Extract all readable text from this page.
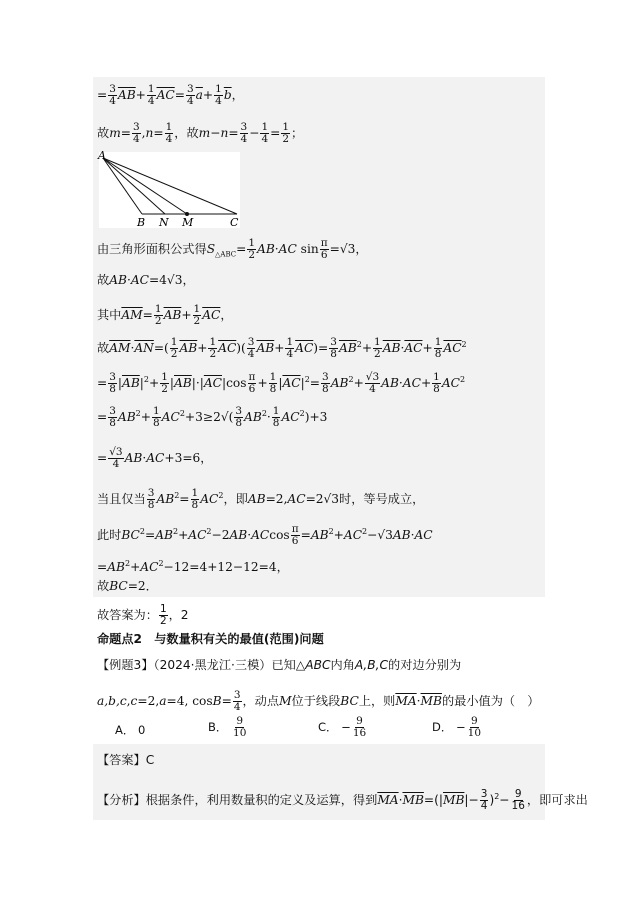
= $\frac{3}{4} \overline{AB}+ \frac{1}{4} \overline{AC}= \frac{3}{4} \overline{a}+ \frac{1}{4} \overline{b}$，
故$m= \frac{3}{4} ,n= \frac{1}{4}$ ，故$m-n= \frac{3}{4} - \frac{1}{4} = \frac{1}{2}$ ；
A
B N M	C
由三角形面积公式得$S_{\triangle ABC}= \frac{1}{2} AB\cdot AC$ $\sin \frac{\pi}{6} =√3$，
故AB·AC=4√3，
其中$\overline{AM}= \frac{1}{2} \overline{AB}+ \frac{1}{2} \overline{AC}$，
故$\overline{AM}\cdot\overline{AN}=( \frac{1}{2} \overline{AB}+ \frac{1}{2} \overline{AC})( \frac{3}{4} \overline{AB}+ \frac{1}{4} \overline{AC})= \frac{3}{8} \overline{AB}^2+ \frac{1}{2} \overline{AB}\cdot\overline{AC}+ \frac{1}{8} \overline{AC}^2$
= $\frac{3}{8} |\overline{AB}|^2+ \frac{1}{2} |\overline{AB}|\cdot|\overline{AC}|\cos \frac{\pi}{6} + \frac{1}{8} |\overline{AC}|^2= \frac{3}{8} AB^2+ \frac{√3}{4} AB\cdot AC+ \frac{1}{8} AC^2$
= $\frac{3}{8} AB^2+ \frac{1}{8} AC^2+3\ge 2√( \frac{3}{8} AB^2\cdot \frac{1}{8} AC^2)+3$
= $\frac{√3}{4} AB\cdot AC+3=6$，
当且仅当 $\frac{3}{8} AB^2= \frac{1}{8} AC^2$，即AB=2,AC=2√3时，等号成立，
此时$BC^2=AB^2+AC^2-2AB\cdot ACcos \frac{\pi}{6} =AB^2+AC^2-√3AB\cdot AC$
$=AB^2+AC^2-12=4+12-12=4$，
故BC=2．
故答案为： $\frac{1}{2}$ ，2
命题点2　与数量积有关的最值(范围)问题
【例题3】（2024·黑龙江·三模）已知△ABC内角A,B,C的对边分别为
a,b,c,c=2,a=4, $\cos B= \frac{3}{4}$ ，动点M位于线段BC上，则$\overline{MA}\cdot\overline{MB}$的最小值为（　）
A． 0	B． $\frac{9}{10}$	C． − $\frac{9}{16}$	D． − $\frac{9}{10}$
【答案】C
【分析】根据条件，利用数量积的定义及运算，得到$\overline{MA}\cdot\overline{MB}=(|\overline{MB}|- \frac{3}{4} )^2- \frac{9}{16}$ ，即可求出
